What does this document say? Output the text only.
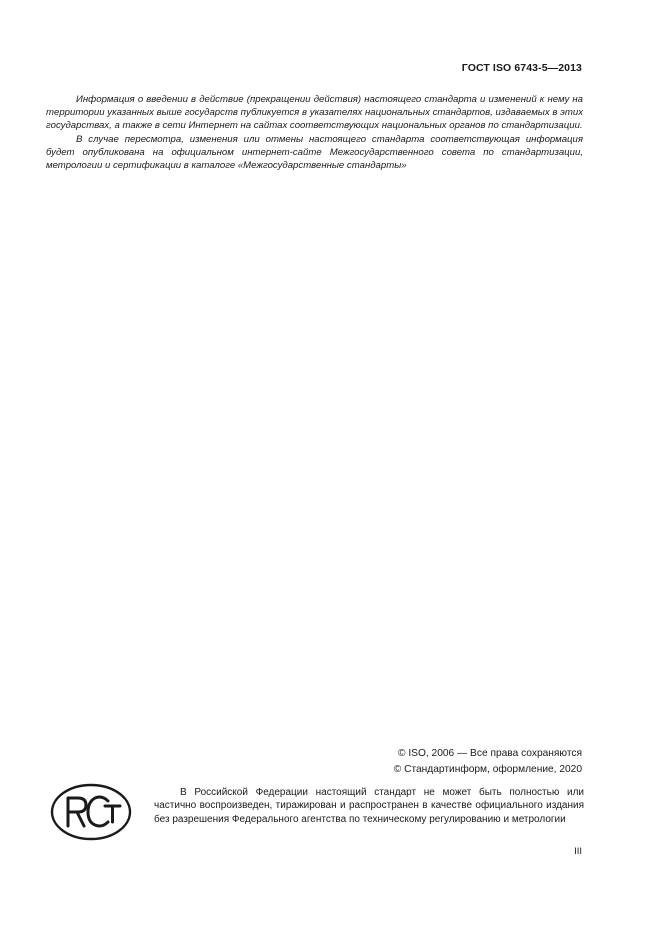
ГОСТ ISO 6743-5—2013

Информация о введении в действие (прекращении действия) настоящего стандарта и изменений к нему на территории указанных выше государств публикуется в указателях национальных стандартов, издаваемых в этих государствах, а также в сети Интернет на сайтах соответствующих национальных органов по стандартизации.

В случае пересмотра, изменения или отмены настоящего стандарта соответствующая информация будет опубликована на официальном интернет-сайте Межгосударственного совета по стандартизации, метрологии и сертификации в каталоге «Межгосударственные стандарты»

© ISO, 2006 — Все права сохраняются
© Стандартинформ, оформление, 2020

В Российской Федерации настоящий стандарт не может быть полностью или частично воспроизведен, тиражирован и распространен в качестве официального издания без разрешения Федерального агентства по техническому регулированию и метрологии

III
